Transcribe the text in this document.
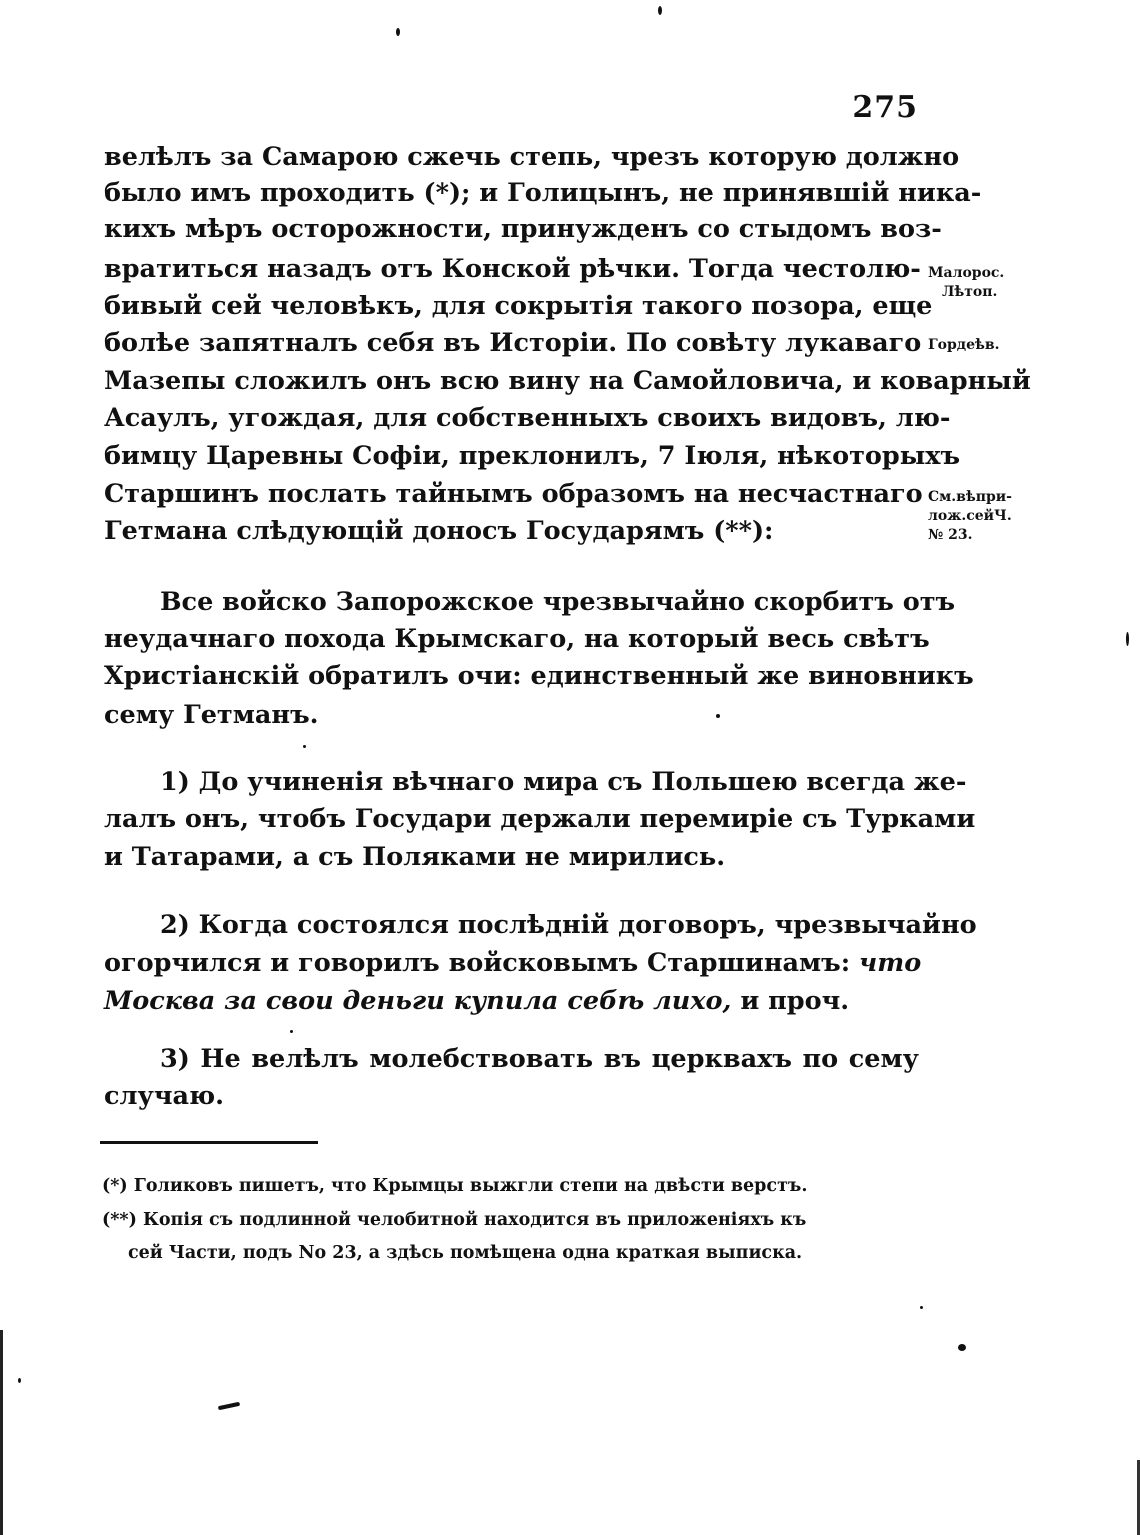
275
велѣлъ за Самарою сжечь степь, чрезъ которую должно
было имъ проходить (*); и Голицынъ, не принявшій никa-
кихъ мѣръ осторожности, принужденъ со стыдомъ воз-
вратиться назадъ отъ Конской рѣчки. Тогда честолю-
бивый сей человѣкъ, для сокрытія такого позора, еще
болѣе запятналъ себя въ Исторіи. По совѣту лукаваго
Мазепы сложилъ онъ всю вину на Самойловича, и коварный
Асаулъ, угождая, для собственныхъ своихъ видовъ, лю-
бимцу Царевны Софіи, преклонилъ, 7 Іюля, нѣкоторыхъ
Старшинъ послать тайнымъ образомъ на несчастнаго
Гетмана слѣдующій доносъ Государямъ (**):
Малорос.
Лѣтоп.
Гордеѣв.
См.вѣпри-
лож.сейЧ.
№ 23.
Все войско Запорожское чрезвычайно скорбитъ отъ
неудачнаго похода Крымскаго, на который весь свѣтъ
Христіанскій обратилъ очи: единственный же виновникъ
сему Гетманъ.
1) До учиненія вѣчнаго мира съ Польшею всегда же-
лалъ онъ, чтобъ Государи держали перемиріе съ Турками
и Татарами, а съ Поляками не мирились.
2) Когда состоялся послѣдній договоръ, чрезвычайно
огорчился и говорилъ войсковымъ Старшинамъ: что
Москва за свои деньги купила себѣ лихо, и проч.
3) Не велѣлъ молебствовать въ церквахъ по сему
случаю.
(*) Голиковъ пишетъ, что Крымцы выжгли степи на двѣсти верстъ.
(**) Копія съ подлинной челобитной находится въ приложеніяхъ къ
сей Части, подъ No 23, а здѣсь помѣщена одна краткая выписка.
